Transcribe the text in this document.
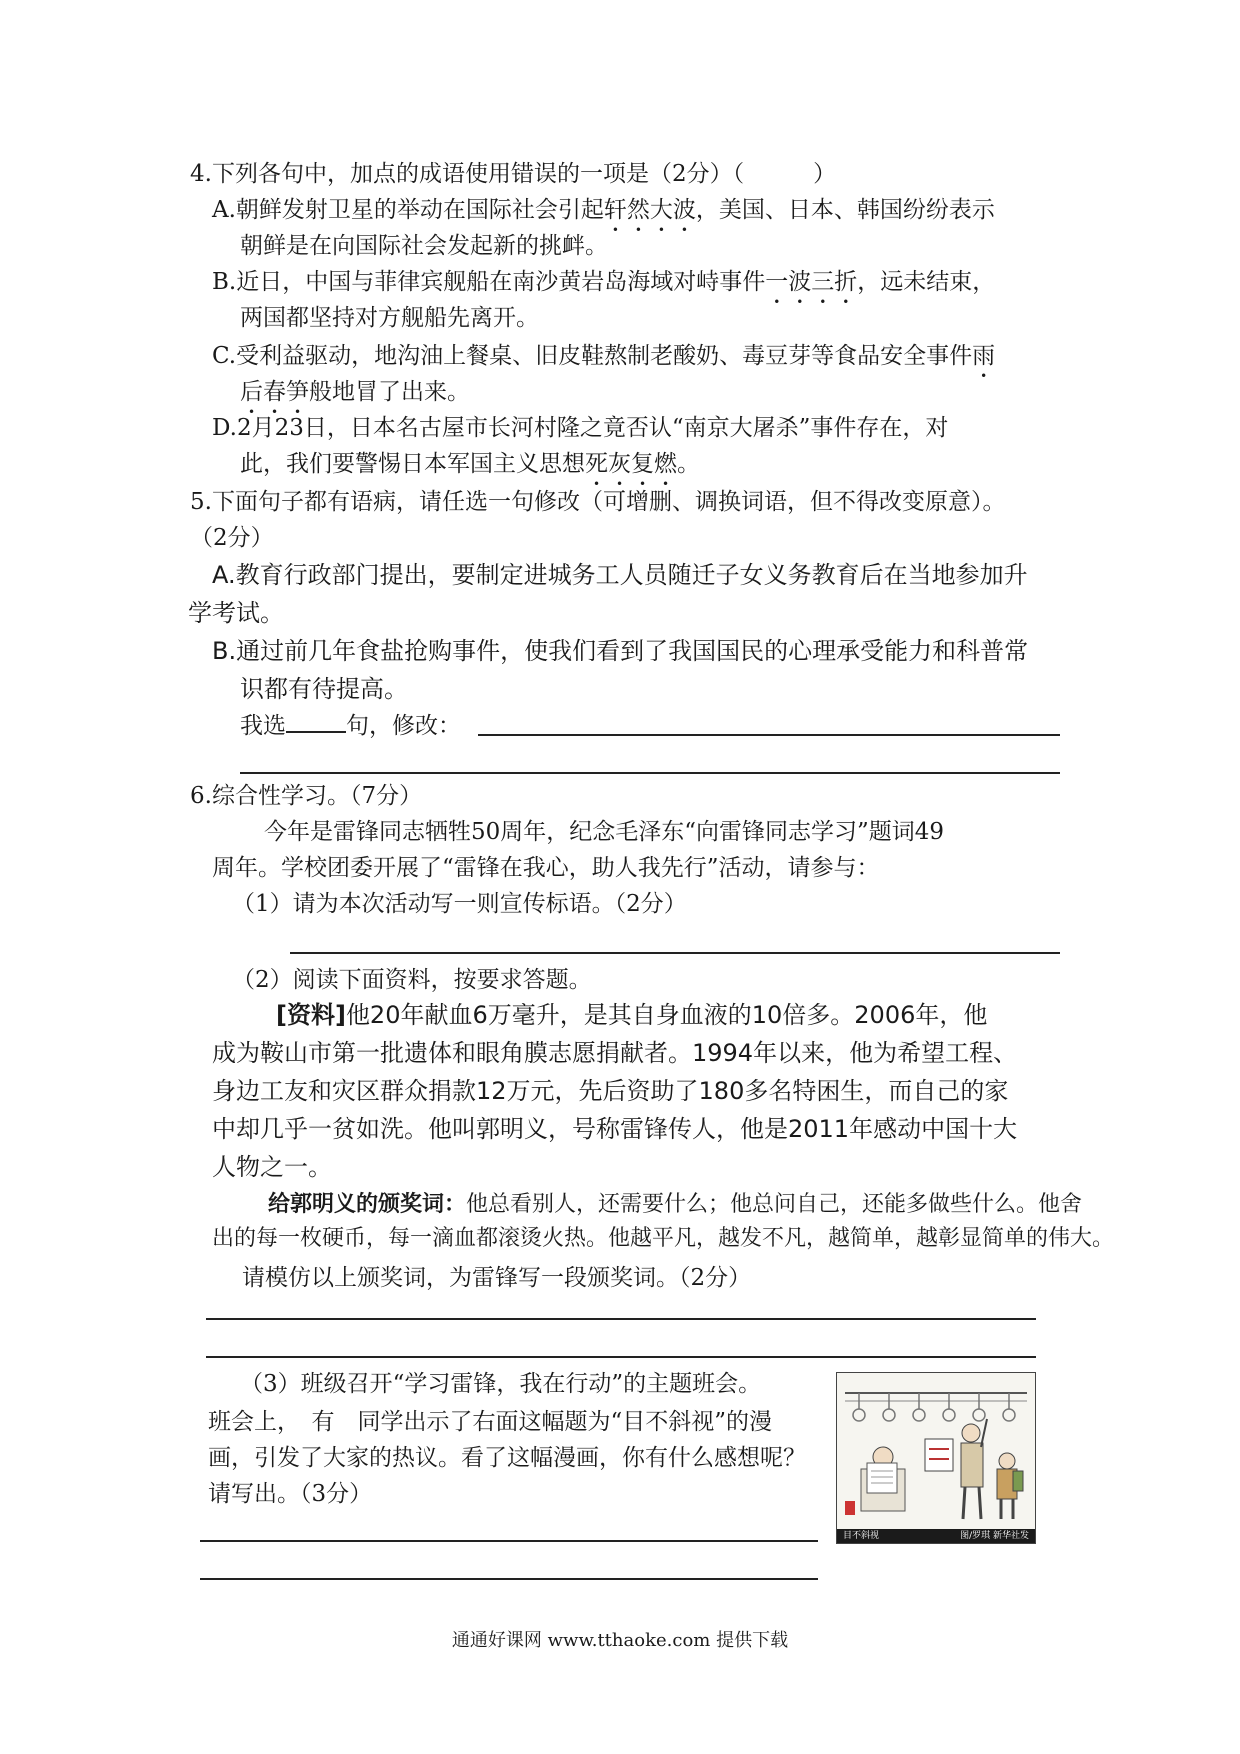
4.下列各句中，加点的成语使用错误的一项是（2分）（　　　）
A.朝鲜发射卫星的举动在国际社会引起轩然大波，美国、日本、韩国纷纷表示
朝鲜是在向国际社会发起新的挑衅。
B.近日，中国与菲律宾舰船在南沙黄岩岛海域对峙事件一波三折，远未结束，
两国都坚持对方舰船先离开。
C.受利益驱动，地沟油上餐桌、旧皮鞋熬制老酸奶、毒豆芽等食品安全事件雨
后春笋般地冒了出来。
D.2月23日，日本名古屋市长河村隆之竟否认“南京大屠杀”事件存在，对
此，我们要警惕日本军国主义思想死灰复燃。
5.下面句子都有语病，请任选一句修改（可增删、调换词语，但不得改变原意）。
（2分）
A.教育行政部门提出，要制定进城务工人员随迁子女义务教育后在当地参加升
学考试。
B.通过前几年食盐抢购事件，使我们看到了我国国民的心理承受能力和科普常
识都有待提高。
我选	句，修改：
6.综合性学习。（7分）
今年是雷锋同志牺牲50周年，纪念毛泽东“向雷锋同志学习”题词49
周年。学校团委开展了“雷锋在我心，助人我先行”活动，请参与：
（1）请为本次活动写一则宣传标语。（2分）
（2）阅读下面资料，按要求答题。
[资料]他20年献血6万毫升，是其自身血液的10倍多。2006年，他
成为鞍山市第一批遗体和眼角膜志愿捐献者。1994年以来，他为希望工程、
身边工友和灾区群众捐款12万元，先后资助了180多名特困生，而自己的家
中却几乎一贫如洗。他叫郭明义，号称雷锋传人，他是2011年感动中国十大
人物之一。
给郭明义的颁奖词：他总看别人，还需要什么；他总问自己，还能多做些什么。他舍
出的每一枚硬币，每一滴血都滚烫火热。他越平凡，越发不凡，越简单，越彰显简单的伟大。
请模仿以上颁奖词，为雷锋写一段颁奖词。（2分）
（3）班级召开“学习雷锋，我在行动”的主题班会。
班会上，　有　同学出示了右面这幅题为“目不斜视”的漫
画，引发了大家的热议。看了这幅漫画，你有什么感想呢？
请写出。（3分）
目不斜视	图/罗琪 新华社发
通通好课网 www.tthaoke.com 提供下载
